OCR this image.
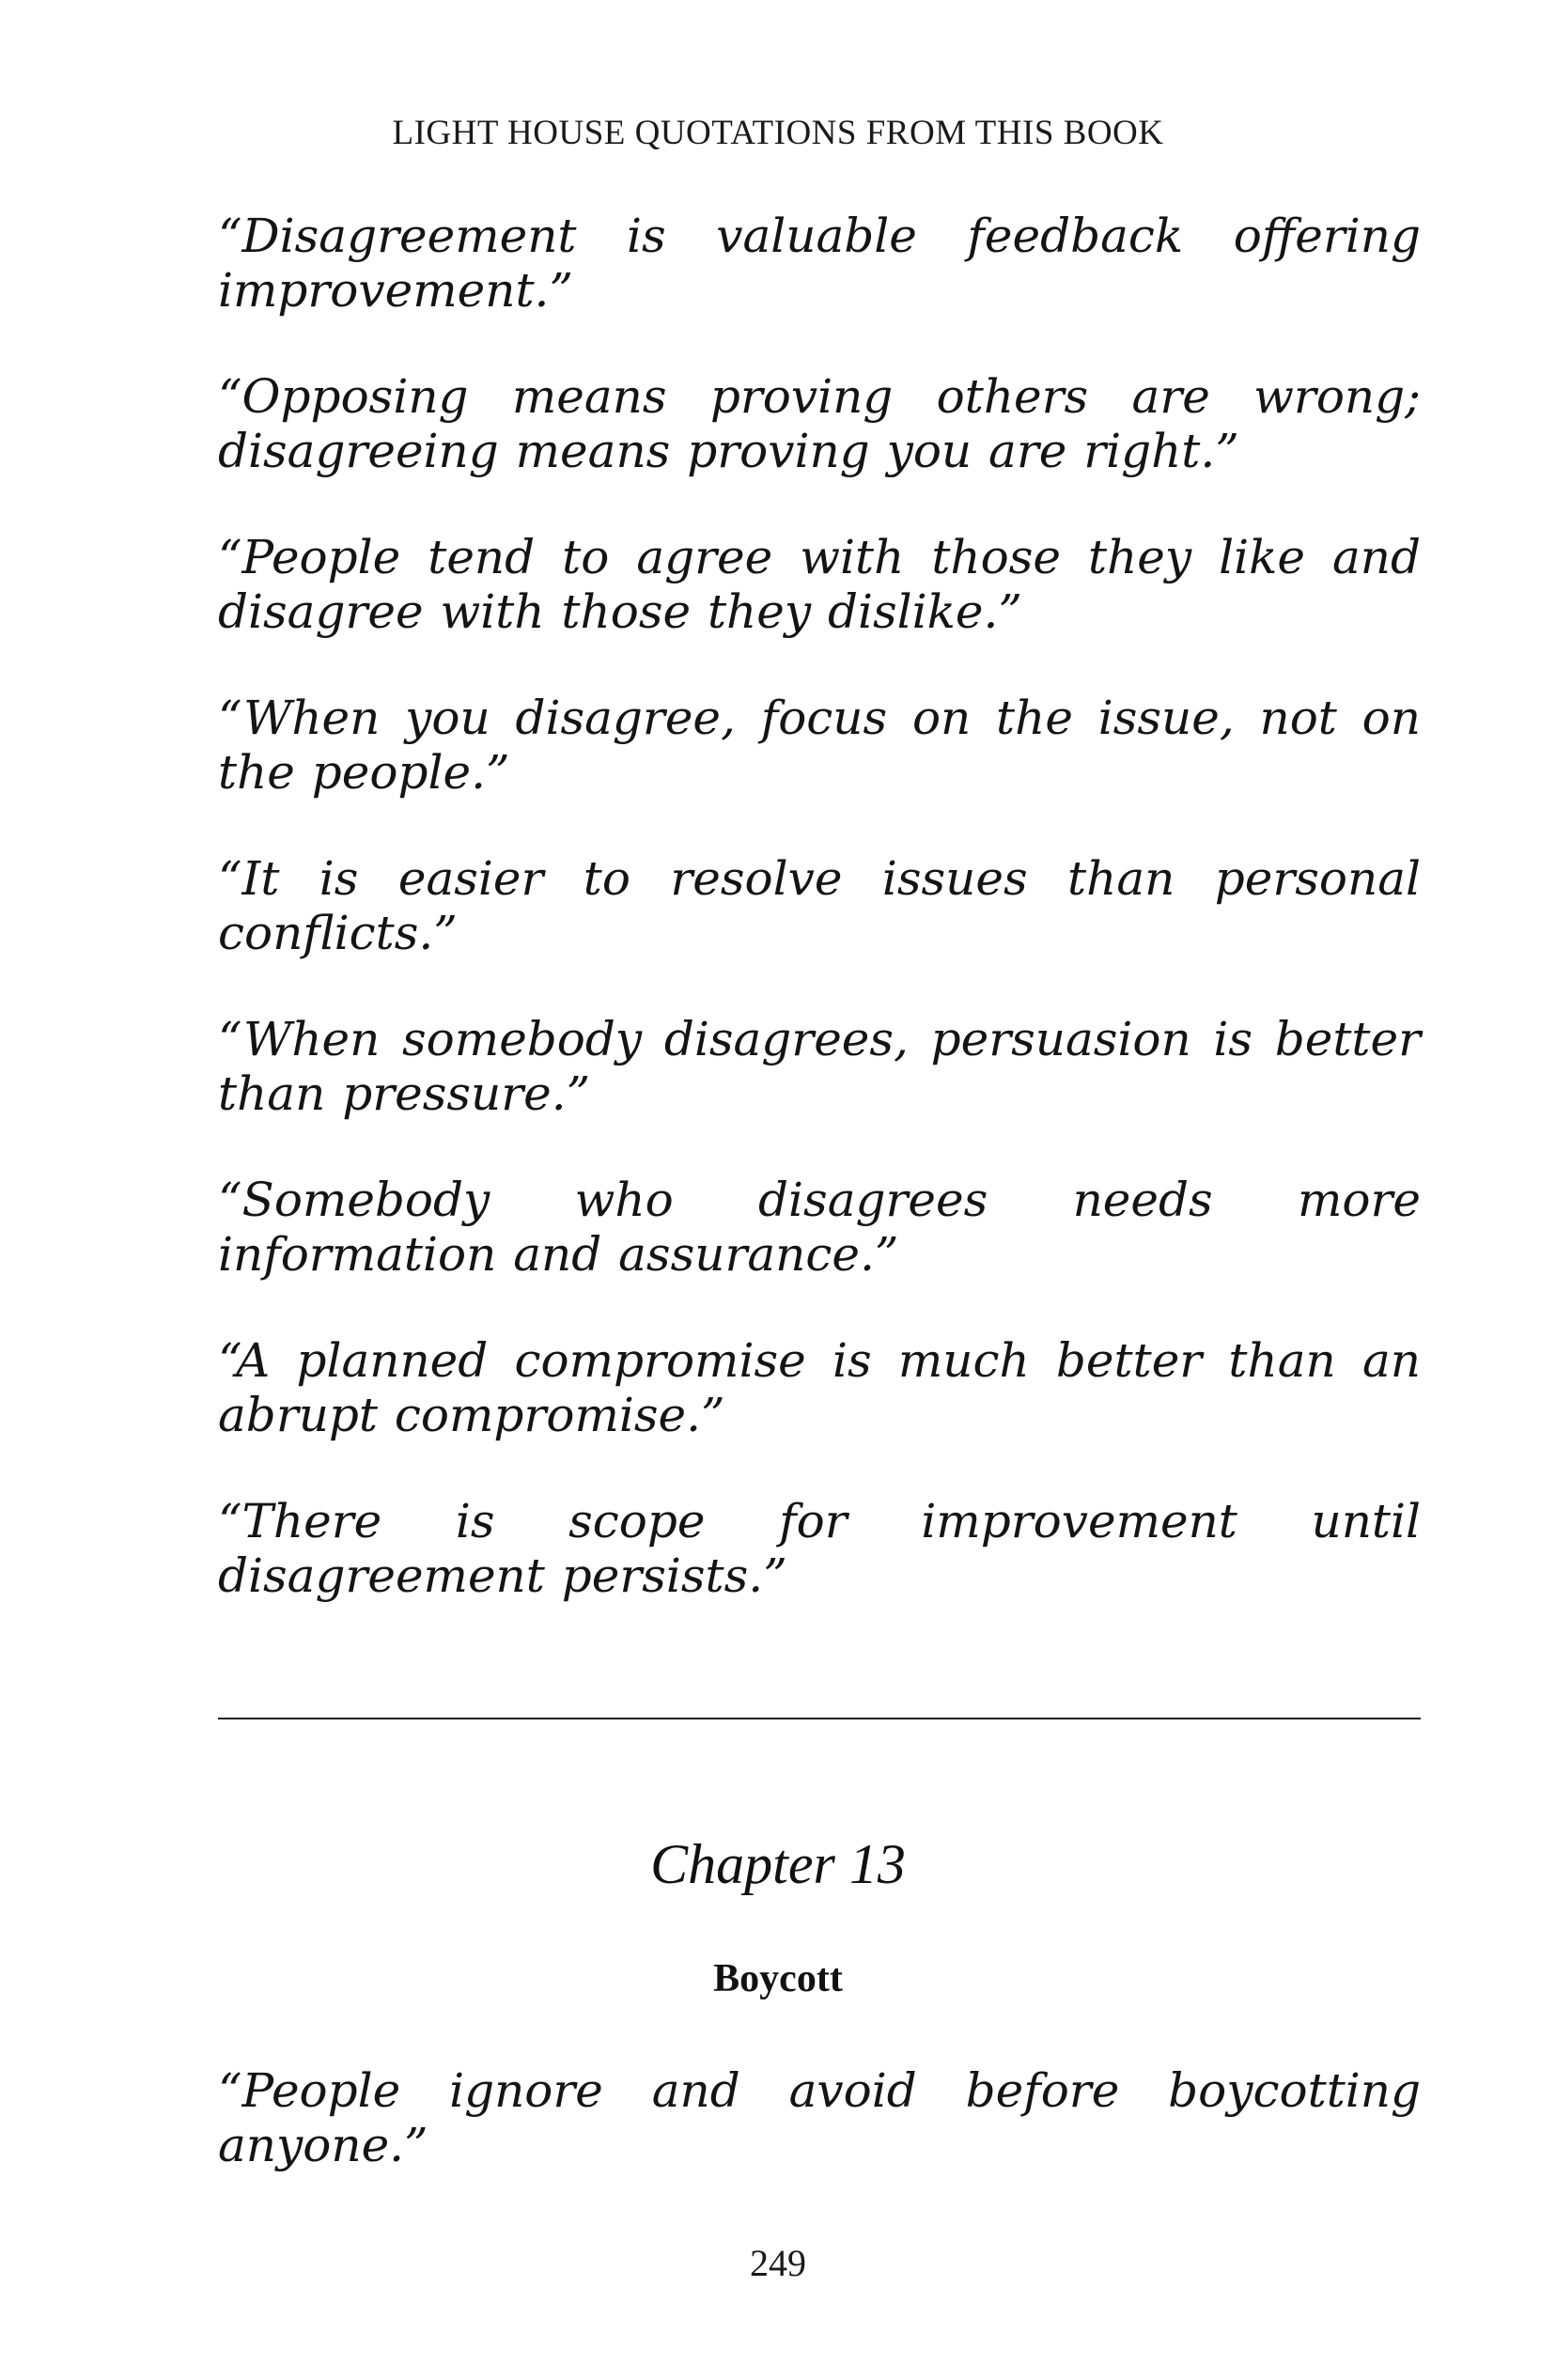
LIGHT HOUSE QUOTATIONS FROM THIS BOOK

“Disagreement is valuable feedback offering improvement.”

“Opposing means proving others are wrong; disagreeing means proving you are right.”

“People tend to agree with those they like and disagree with those they dislike.”

“When you disagree, focus on the issue, not on the people.”

“It is easier to resolve issues than personal conflicts.”

“When somebody disagrees, persuasion is better than pressure.”

“Somebody who disagrees needs more information and assurance.”

“A planned compromise is much better than an abrupt compromise.”

“There is scope for improvement until disagreement persists.”

Chapter 13
Boycott

“People ignore and avoid before boycotting anyone.”

249
